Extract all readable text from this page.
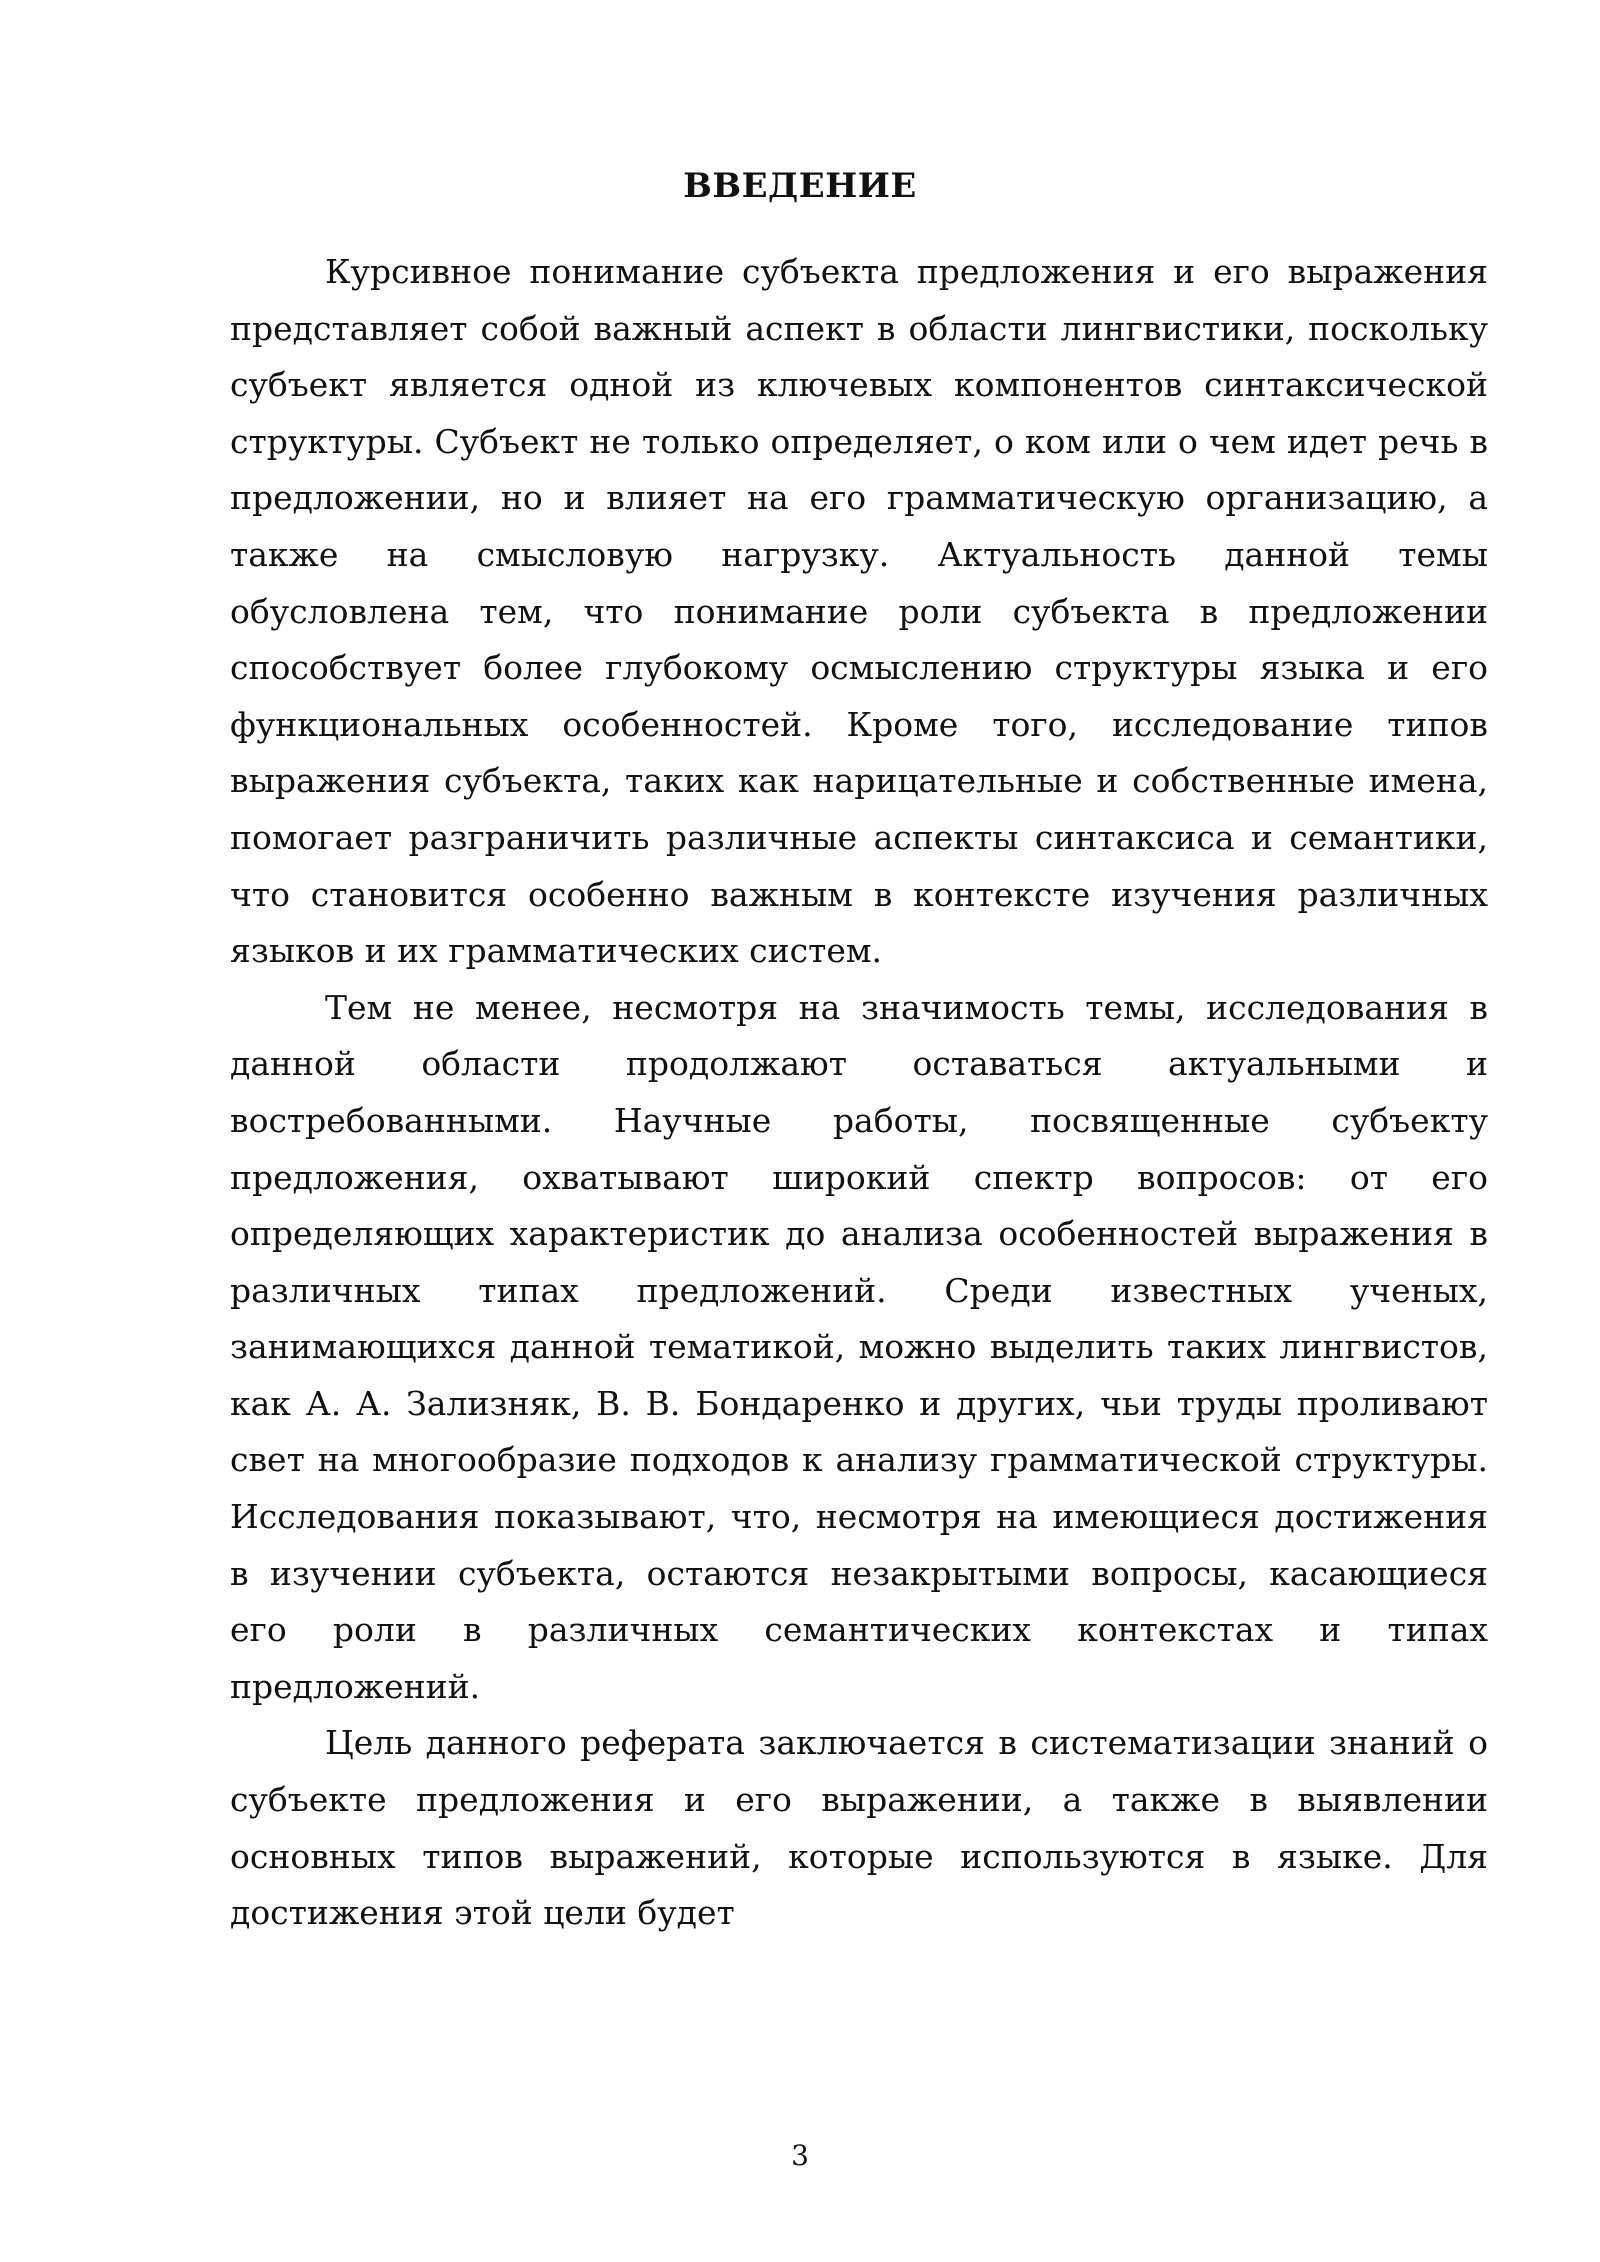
ВВЕДЕНИЕ

Курсивное понимание субъекта предложения и его выражения представляет собой важный аспект в области лингвистики, поскольку субъект является одной из ключевых компонентов синтаксической структуры. Субъект не только определяет, о ком или о чем идет речь в предложении, но и влияет на его грамматическую организацию, а также на смысловую нагрузку. Актуальность данной темы обусловлена тем, что понимание роли субъекта в предложении способствует более глубокому осмыслению структуры языка и его функциональных особенностей. Кроме того, исследование типов выражения субъекта, таких как нарицательные и собственные имена, помогает разграничить различные аспекты синтаксиса и семантики, что становится особенно важным в контексте изучения различных языков и их грамматических систем.

Тем не менее, несмотря на значимость темы, исследования в данной области продолжают оставаться актуальными и востребованными. Научные работы, посвященные субъекту предложения, охватывают широкий спектр вопросов: от его определяющих характеристик до анализа особенностей выражения в различных типах предложений. Среди известных ученых, занимающихся данной тематикой, можно выделить таких лингвистов, как А. А. Зализняк, В. В. Бондаренко и других, чьи труды проливают свет на многообразие подходов к анализу грамматической структуры. Исследования показывают, что, несмотря на имеющиеся достижения в изучении субъекта, остаются незакрытыми вопросы, касающиеся его роли в различных семантических контекстах и типах предложений.

Цель данного реферата заключается в систематизации знаний о субъекте предложения и его выражении, а также в выявлении основных типов выражений, которые используются в языке. Для достижения этой цели будет

3
